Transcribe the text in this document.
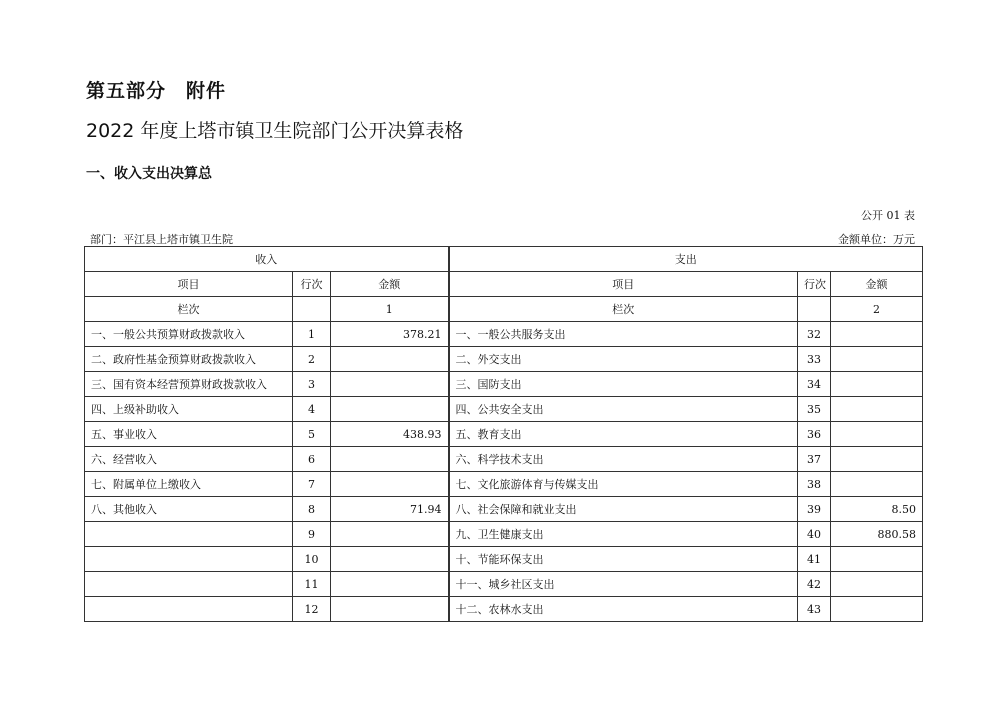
第五部分　附件
2022 年度上塔市镇卫生院部门公开决算表格
一、收入支出决算总
公开 01 表
部门：平江县上塔市镇卫生院	金额单位：万元
收入			支出		
项目	行次	金额	项目	行次	金额
栏次		1	栏次		2
一、一般公共预算财政拨款收入	1	378.21	一、一般公共服务支出	32	
二、政府性基金预算财政拨款收入	2		二、外交支出	33	
三、国有资本经营预算财政拨款收入	3		三、国防支出	34	
四、上级补助收入	4		四、公共安全支出	35	
五、事业收入	5	438.93	五、教育支出	36	
六、经营收入	6		六、科学技术支出	37	
七、附属单位上缴收入	7		七、文化旅游体育与传媒支出	38	
八、其他收入	8	71.94	八、社会保障和就业支出	39	8.50
	9		九、卫生健康支出	40	880.58
	10		十、节能环保支出	41	
	11		十一、城乡社区支出	42	
	12		十二、农林水支出	43	
